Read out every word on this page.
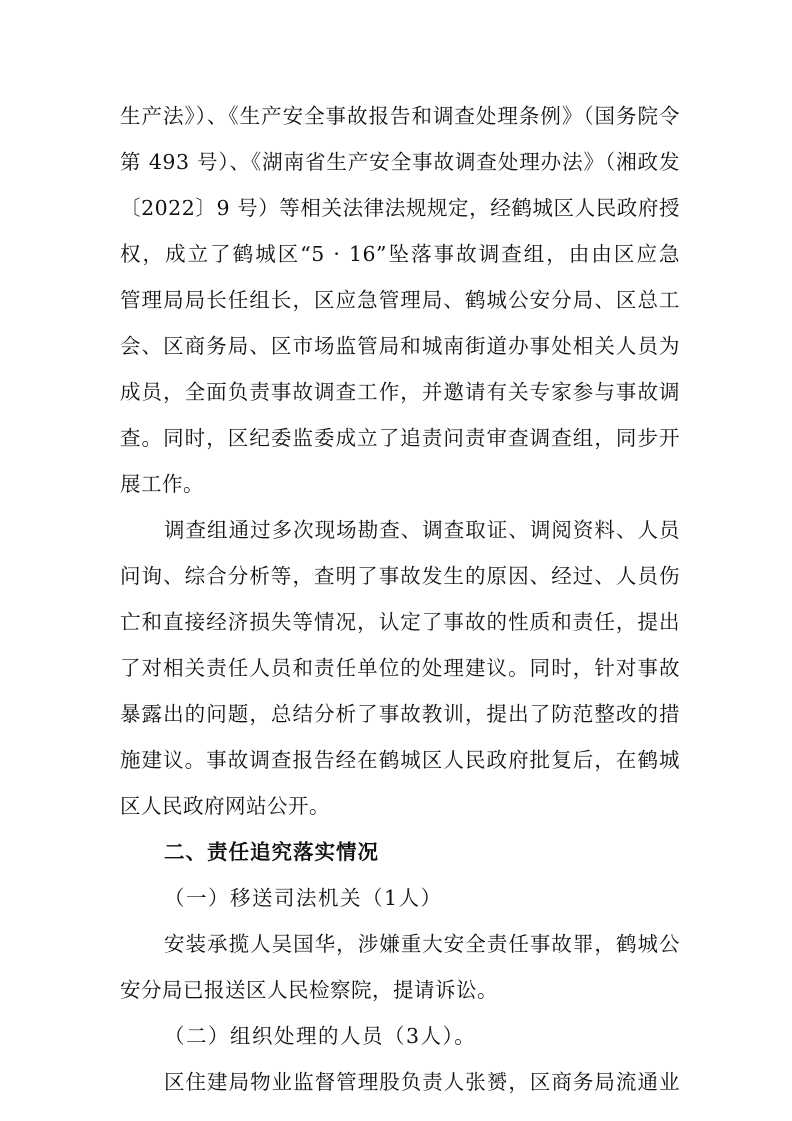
生产法》）、《生产安全事故报告和调查处理条例》（国务院令
第 493 号）、《湖南省生产安全事故调查处理办法》（湘政发
〔2022〕9 号）等相关法律法规规定，经鹤城区人民政府授
权，成立了鹤城区“5 · 16”坠落事故调查组，由由区应急
管理局局长任组长，区应急管理局、鹤城公安分局、区总工
会、区商务局、区市场监管局和城南街道办事处相关人员为
成员，全面负责事故调查工作，并邀请有关专家参与事故调
查。同时，区纪委监委成立了追责问责审查调查组，同步开
展工作。
调查组通过多次现场勘查、调查取证、调阅资料、人员
问询、综合分析等，查明了事故发生的原因、经过、人员伤
亡和直接经济损失等情况，认定了事故的性质和责任，提出
了对相关责任人员和责任单位的处理建议。同时，针对事故
暴露出的问题，总结分析了事故教训，提出了防范整改的措
施建议。事故调查报告经在鹤城区人民政府批复后，在鹤城
区人民政府网站公开。
二、责任追究落实情况
（一）移送司法机关（1人）
安装承揽人吴国华，涉嫌重大安全责任事故罪，鹤城公
安分局已报送区人民检察院，提请诉讼。
（二）组织处理的人员（3人）。
区住建局物业监督管理股负责人张赟，区商务局流通业
